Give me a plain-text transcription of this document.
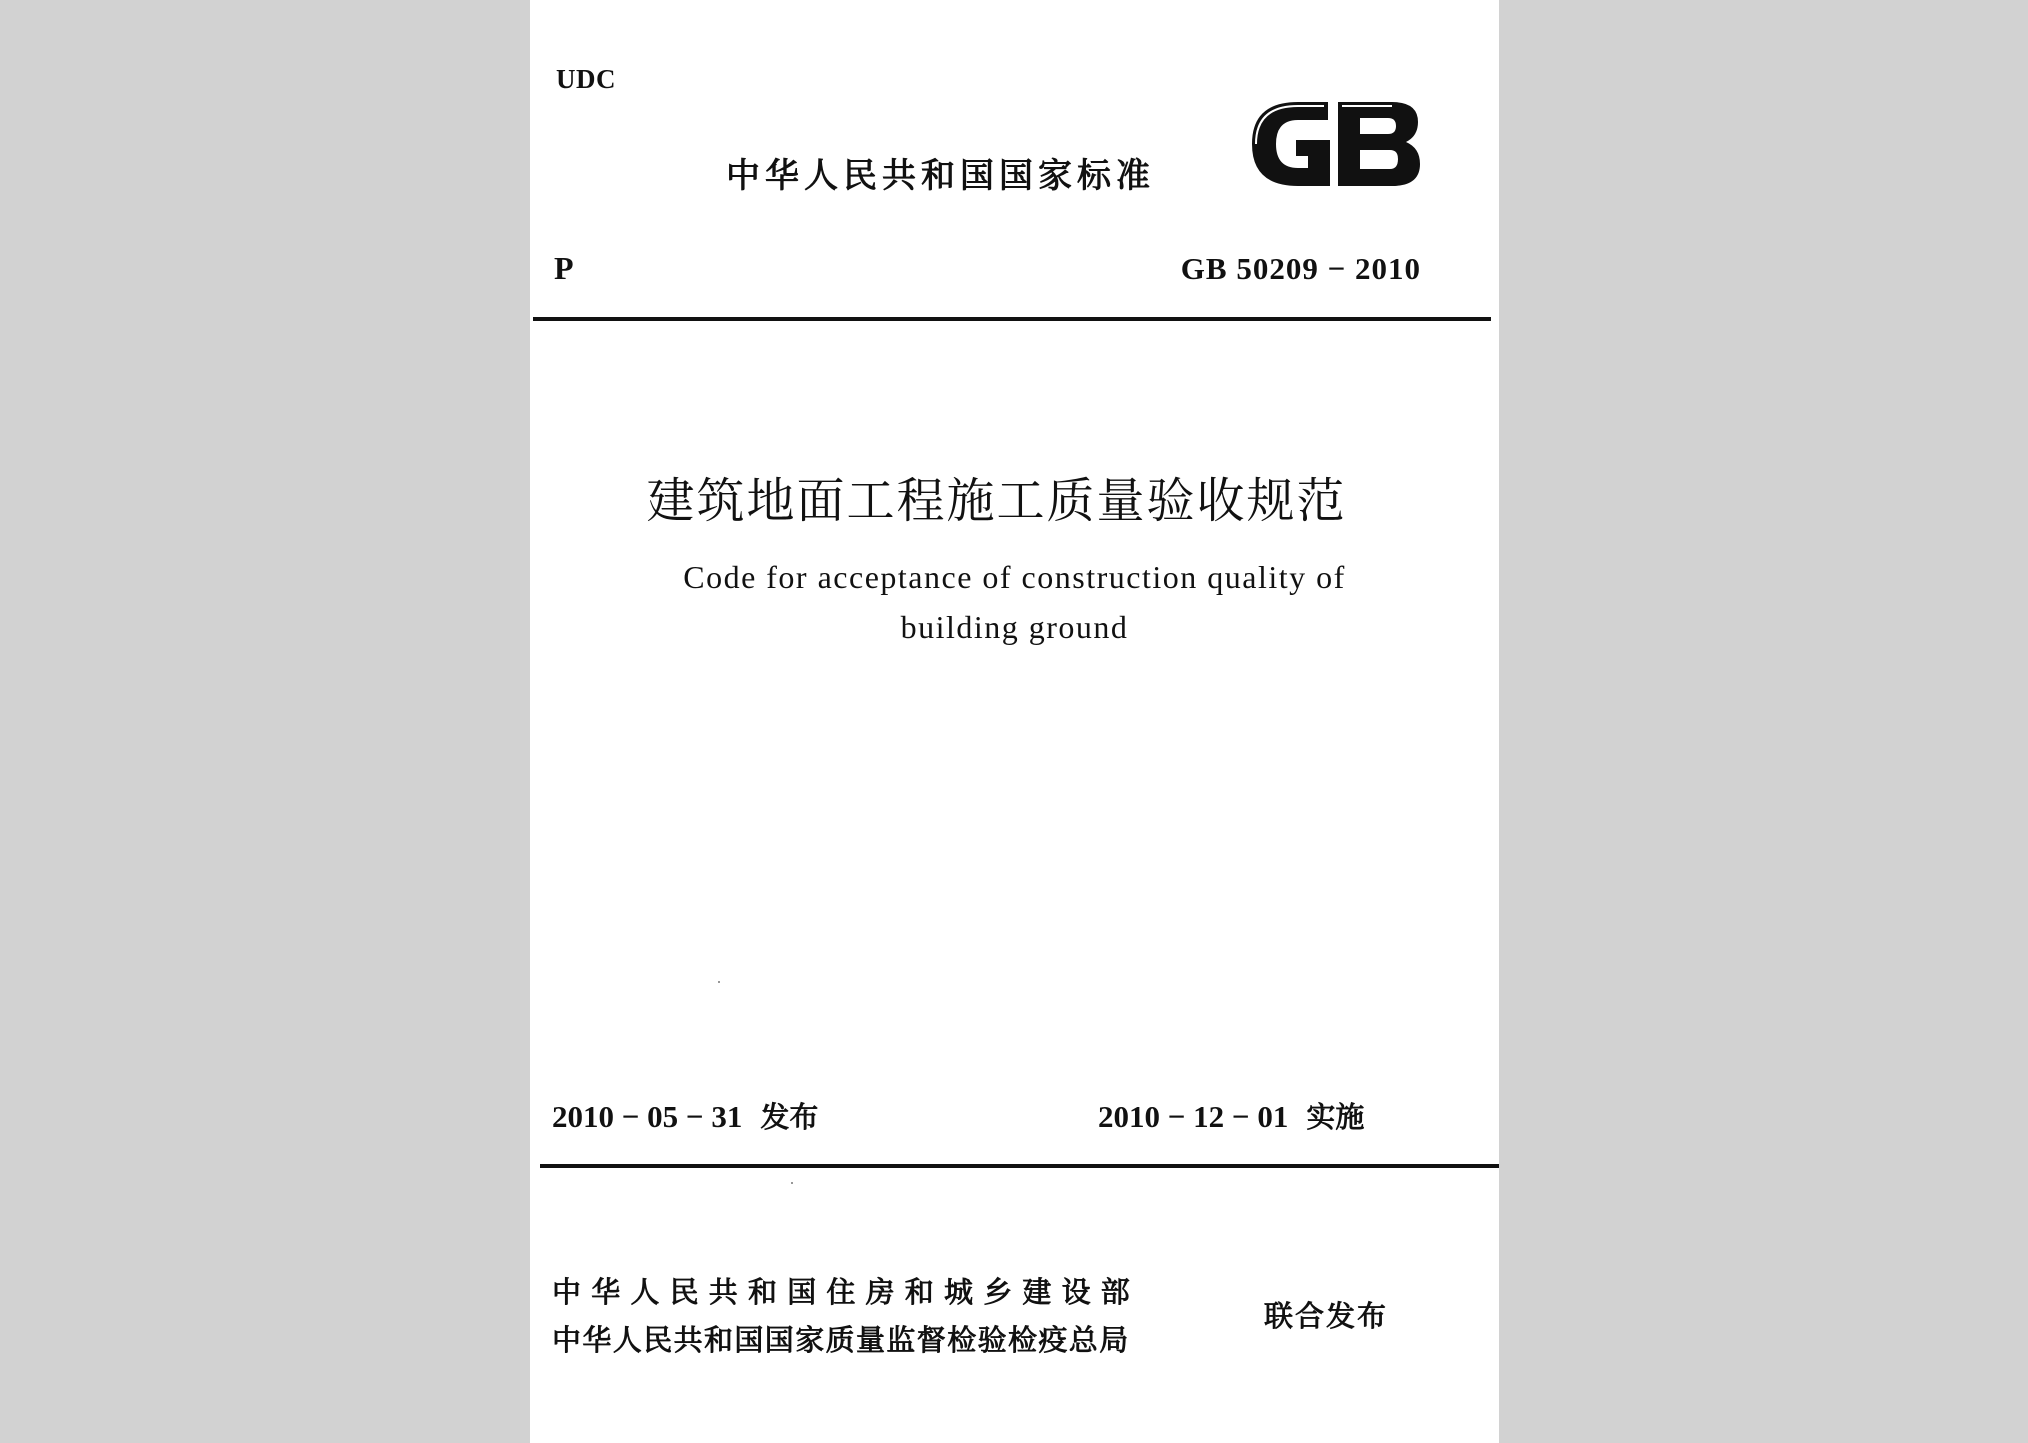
UDC
中华人民共和国国家标准
P	GB 50209 − 2010
建筑地面工程施工质量验收规范
Code for acceptance of construction quality of
building ground
2010 − 05 − 31 发布	2010 − 12 − 01 实施
中华人民共和国住房和城乡建设部
中华人民共和国国家质量监督检验检疫总局
联合发布
